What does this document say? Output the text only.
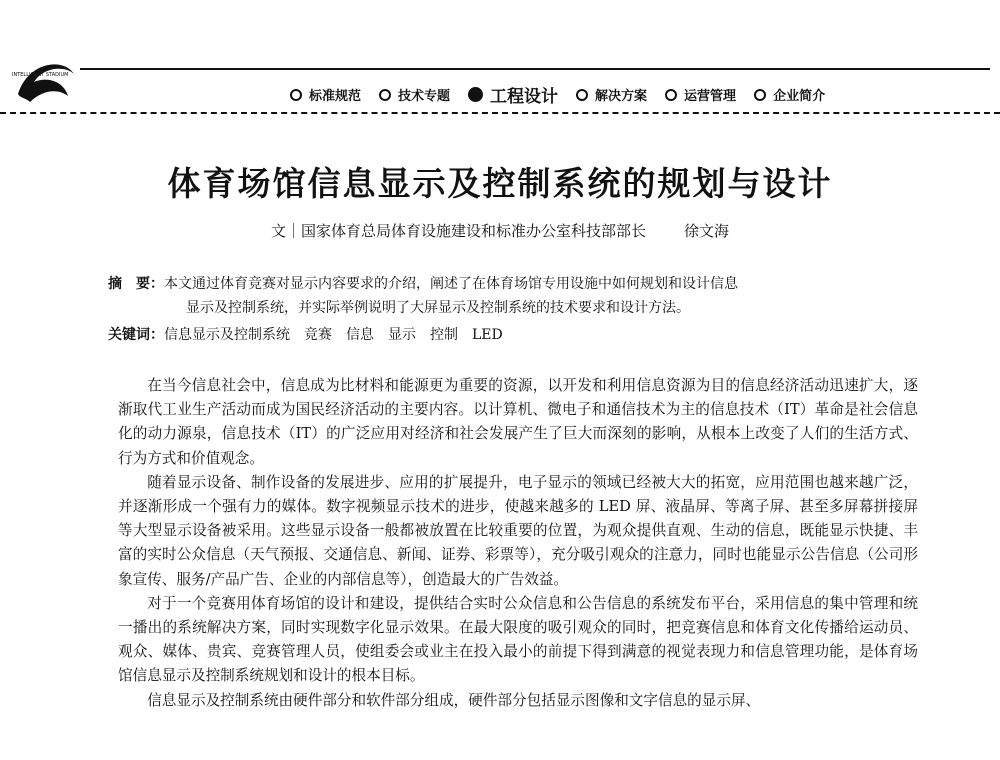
INTELLIGENT STADIUM
标准规范	技术专题 工程设计	解决方案	运营管理	企业简介
体育场馆信息显示及控制系统的规划与设计
文｜国家体育总局体育设施建设和标准办公室科技部部长	徐文海
摘　要：本文通过体育竞赛对显示内容要求的介绍，阐述了在体育场馆专用设施中如何规划和设计信息
显示及控制系统，并实际举例说明了大屏显示及控制系统的技术要求和设计方法。
关键词：信息显示及控制系统　竞赛　信息　显示　控制　LED

在当今信息社会中，信息成为比材料和能源更为重要的资源，以开发和利用信息资源为目的信息经济活动迅速扩大，逐渐取代工业生产活动而成为国民经济活动的主要内容。以计算机、微电子和通信技术为主的信息技术（IT）革命是社会信息化的动力源泉，信息技术（IT）的广泛应用对经济和社会发展产生了巨大而深刻的影响，从根本上改变了人们的生活方式、行为方式和价值观念。

随着显示设备、制作设备的发展进步、应用的扩展提升，电子显示的领域已经被大大的拓宽，应用范围也越来越广泛，并逐渐形成一个强有力的媒体。数字视频显示技术的进步，使越来越多的 LED 屏、液晶屏、等离子屏、甚至多屏幕拼接屏等大型显示设备被采用。这些显示设备一般都被放置在比较重要的位置，为观众提供直观、生动的信息，既能显示快捷、丰富的实时公众信息（天气预报、交通信息、新闻、证券、彩票等），充分吸引观众的注意力，同时也能显示公告信息（公司形象宣传、服务/产品广告、企业的内部信息等），创造最大的广告效益。

对于一个竞赛用体育场馆的设计和建设，提供结合实时公众信息和公告信息的系统发布平台，采用信息的集中管理和统一播出的系统解决方案，同时实现数字化显示效果。在最大限度的吸引观众的同时，把竞赛信息和体育文化传播给运动员、观众、媒体、贵宾、竞赛管理人员，使组委会或业主在投入最小的前提下得到满意的视觉表现力和信息管理功能，是体育场馆信息显示及控制系统规划和设计的根本目标。

信息显示及控制系统由硬件部分和软件部分组成，硬件部分包括显示图像和文字信息的显示屏、
